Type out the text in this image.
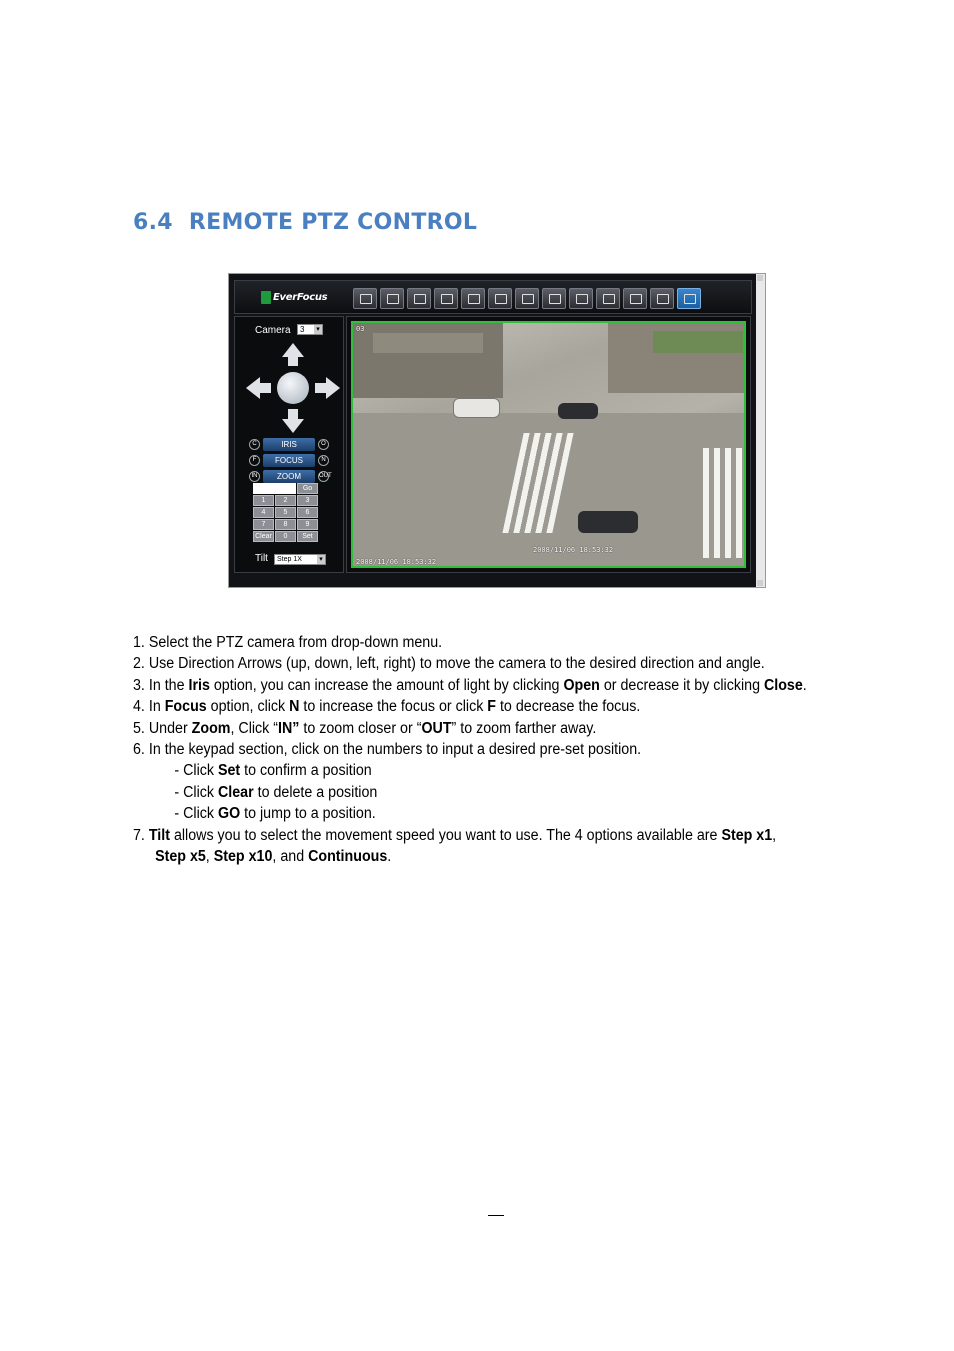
6.4 REMOTE PTZ CONTROL
EverFocus
Camera	3 ▾
C	IRIS	O
F	FOCUS	N
IN	ZOOM	OUT
Go
1	2	3
4	5	6
7	8	9
Clear	0	Set
Tilt	Step 1X ▾
03
2008/11/06 18:53:32
2008/11/06 18:53:32

1. Select the PTZ camera from drop-down menu.

2. Use Direction Arrows (up, down, left, right) to move the camera to the desired direction and angle.

3. In the Iris option, you can increase the amount of light by clicking Open or decrease it by clicking Close.

4. In Focus option, click N to increase the focus or click F to decrease the focus.

5. Under Zoom, Click “IN” to zoom closer or “OUT” to zoom farther away.

6. In the keypad section, click on the numbers to input a desired pre-set position.

- Click Set to confirm a position

- Click Clear to delete a position

- Click GO to jump to a position.

7. Tilt allows you to select the movement speed you want to use. The 4 options available are Step x1,

Step x5, Step x10, and Continuous.
